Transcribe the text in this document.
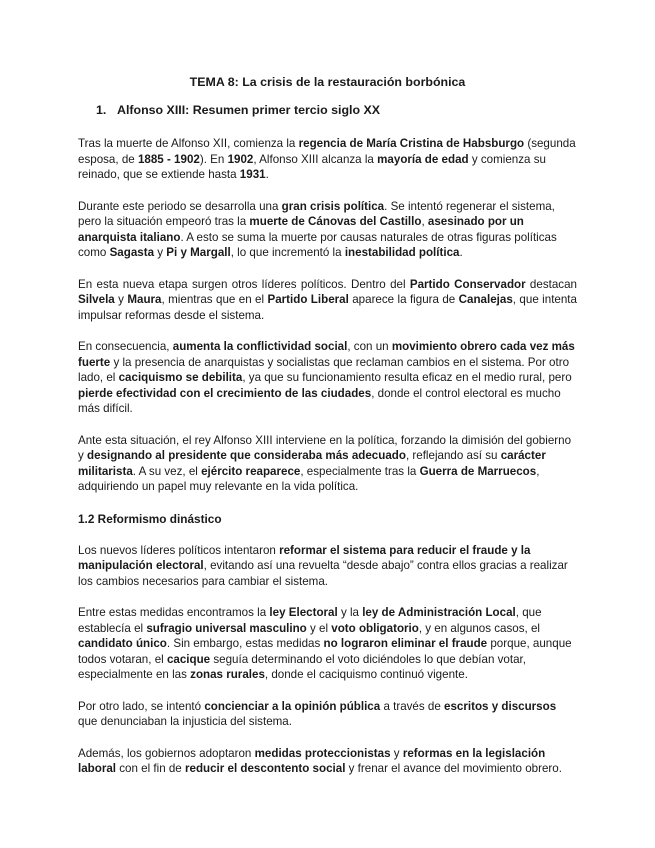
TEMA 8: La crisis de la restauración borbónica
1. Alfonso XIII: Resumen primer tercio siglo XX
Tras la muerte de Alfonso XII, comienza la regencia de María Cristina de Habsburgo (segunda esposa, de 1885 - 1902). En 1902, Alfonso XIII alcanza la mayoría de edad y comienza su reinado, que se extiende hasta 1931.
Durante este periodo se desarrolla una gran crisis política. Se intentó regenerar el sistema, pero la situación empeoró tras la muerte de Cánovas del Castillo, asesinado por un anarquista italiano. A esto se suma la muerte por causas naturales de otras figuras políticas como Sagasta y Pi y Margall, lo que incrementó la inestabilidad política.
En esta nueva etapa surgen otros líderes políticos. Dentro del Partido Conservador destacan Silvela y Maura, mientras que en el Partido Liberal aparece la figura de Canalejas, que intenta impulsar reformas desde el sistema.
En consecuencia, aumenta la conflictividad social, con un movimiento obrero cada vez más fuerte y la presencia de anarquistas y socialistas que reclaman cambios en el sistema. Por otro lado, el caciquismo se debilita, ya que su funcionamiento resulta eficaz en el medio rural, pero pierde efectividad con el crecimiento de las ciudades, donde el control electoral es mucho más difícil.
Ante esta situación, el rey Alfonso XIII interviene en la política, forzando la dimisión del gobierno y designando al presidente que consideraba más adecuado, reflejando así su carácter militarista. A su vez, el ejército reaparece, especialmente tras la Guerra de Marruecos, adquiriendo un papel muy relevante en la vida política.
1.2 Reformismo dinástico
Los nuevos líderes políticos intentaron reformar el sistema para reducir el fraude y la manipulación electoral, evitando así una revuelta “desde abajo” contra ellos gracias a realizar los cambios necesarios para cambiar el sistema.
Entre estas medidas encontramos la ley Electoral y la ley de Administración Local, que establecía el sufragio universal masculino y el voto obligatorio, y en algunos casos, el candidato único. Sin embargo, estas medidas no lograron eliminar el fraude porque, aunque todos votaran, el cacique seguía determinando el voto diciéndoles lo que debían votar, especialmente en las zonas rurales, donde el caciquismo continuó vigente.
Por otro lado, se intentó concienciar a la opinión pública a través de escritos y discursos que denunciaban la injusticia del sistema.
Además, los gobiernos adoptaron medidas proteccionistas y reformas en la legislación laboral con el fin de reducir el descontento social y frenar el avance del movimiento obrero.
